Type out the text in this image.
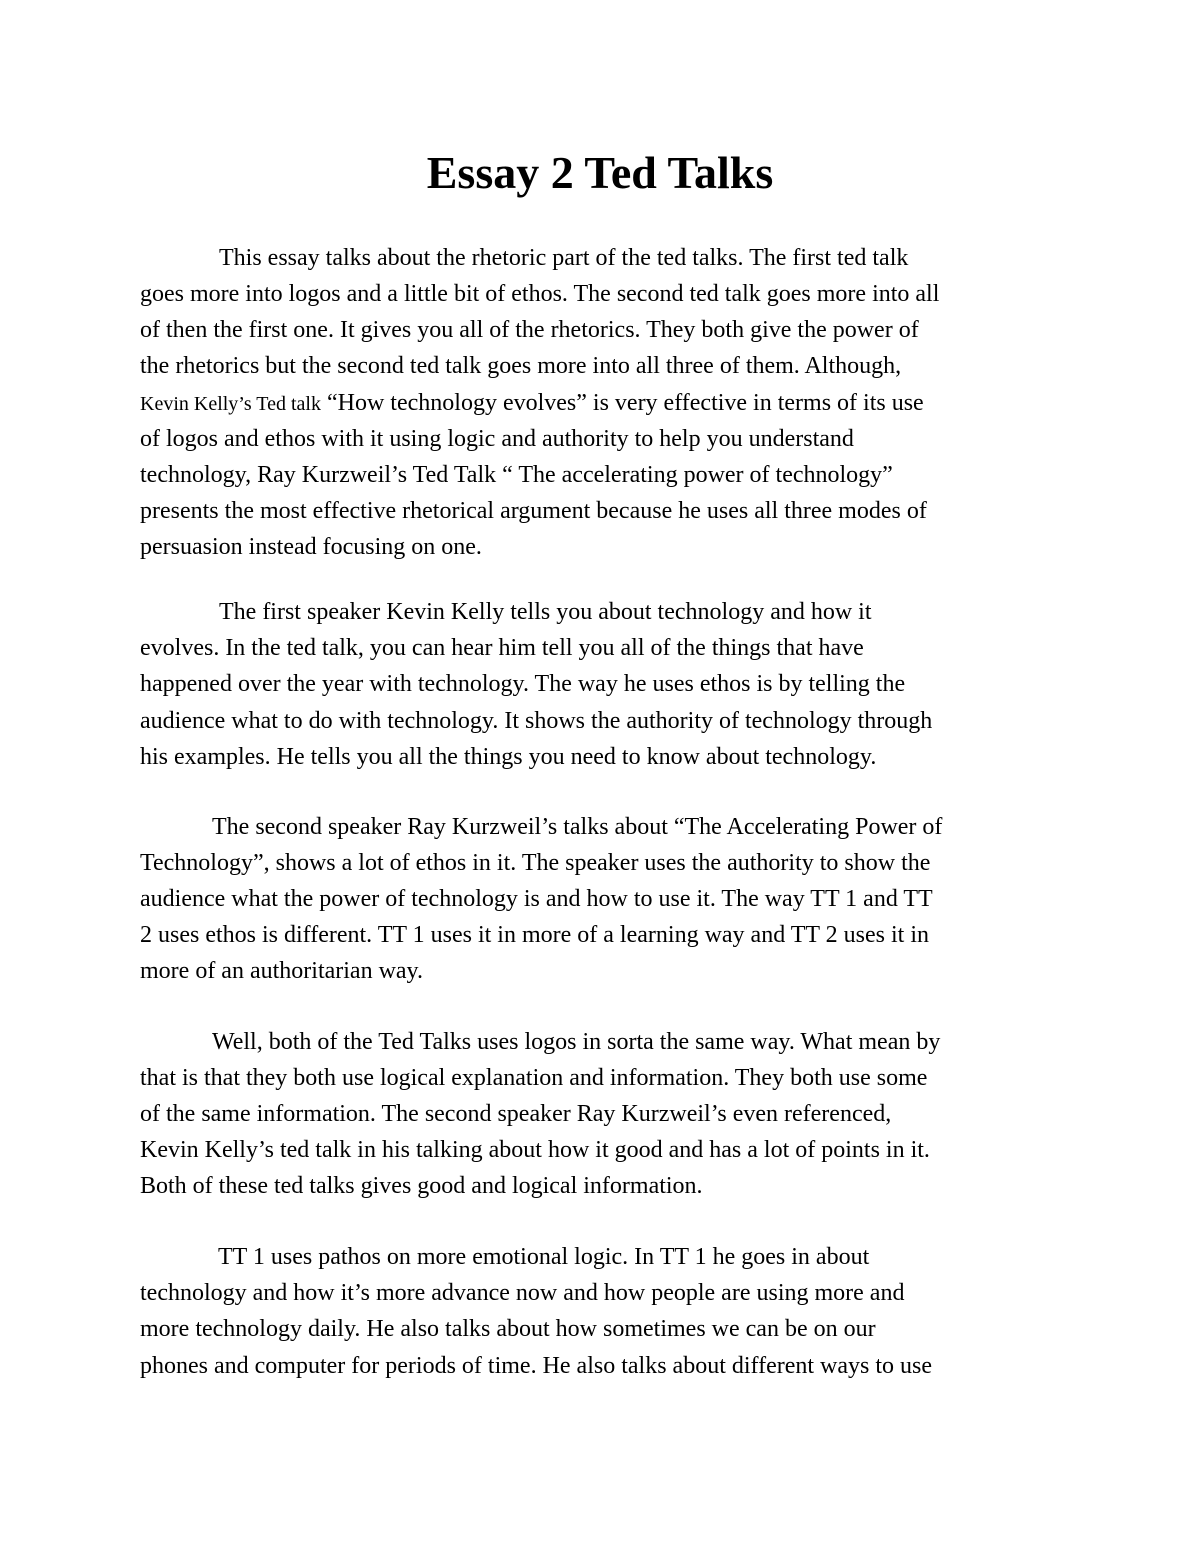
Essay 2 Ted Talks
This essay talks about the rhetoric part of the ted talks. The first ted talk
goes more into logos and a little bit of ethos. The second ted talk goes more into all
of then the first one. It gives you all of the rhetorics. They both give the power of
the rhetorics but the second ted talk goes more into all three of them. Although,
Kevin Kelly’s Ted talk “How technology evolves” is very effective in terms of its use
of logos and ethos with it using logic and authority to help you understand
technology, Ray Kurzweil’s Ted Talk “ The accelerating power of technology”
presents the most effective rhetorical argument because he uses all three modes of
persuasion instead focusing on one.
The first speaker Kevin Kelly tells you about technology and how it
evolves. In the ted talk, you can hear him tell you all of the things that have
happened over the year with technology. The way he uses ethos is by telling the
audience what to do with technology. It shows the authority of technology through
his examples. He tells you all the things you need to know about technology.
The second speaker Ray Kurzweil’s talks about “The Accelerating Power of
Technology”, shows a lot of ethos in it. The speaker uses the authority to show the
audience what the power of technology is and how to use it. The way TT 1 and TT
2 uses ethos is different. TT 1 uses it in more of a learning way and TT 2 uses it in
more of an authoritarian way.
Well, both of the Ted Talks uses logos in sorta the same way. What mean by
that is that they both use logical explanation and information. They both use some
of the same information. The second speaker Ray Kurzweil’s even referenced,
Kevin Kelly’s ted talk in his talking about how it good and has a lot of points in it.
Both of these ted talks gives good and logical information.
TT 1 uses pathos on more emotional logic. In TT 1 he goes in about
technology and how it’s more advance now and how people are using more and
more technology daily. He also talks about how sometimes we can be on our
phones and computer for periods of time. He also talks about different ways to use
